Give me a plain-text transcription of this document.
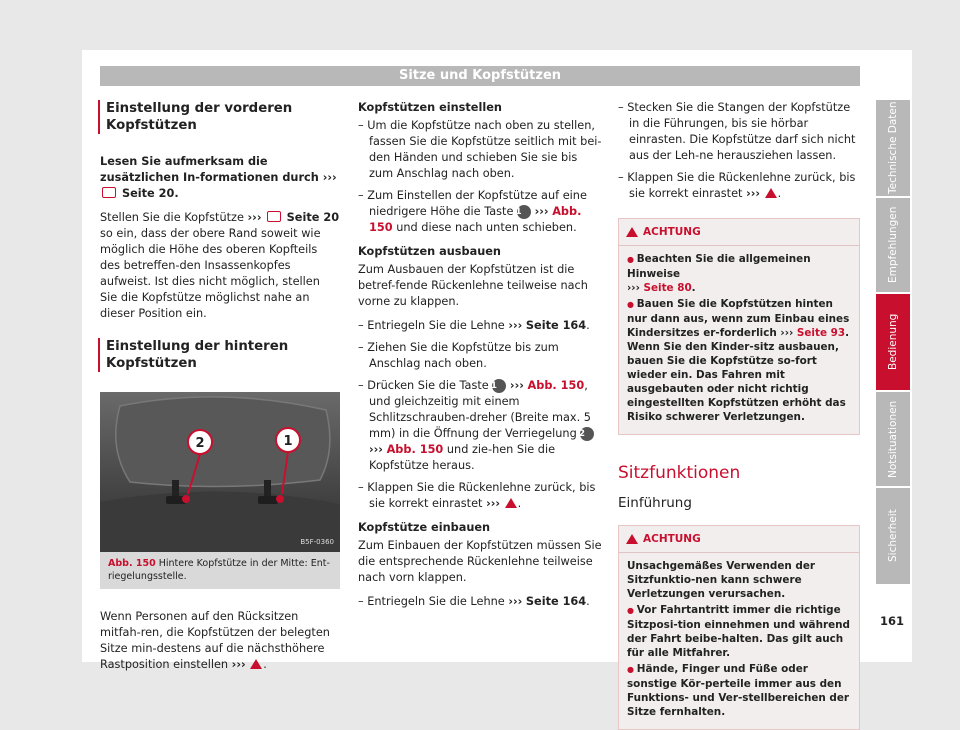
Sitze und Kopfstützen
Einstellung der vorderen Kopfstützen

Lesen Sie aufmerksam die zusätzlichen In-formationen durch ›››  Seite 20.

Stellen Sie die Kopfstütze ››› Seite 20 so ein, dass der obere Rand soweit wie möglich die Höhe des oberen Kopfteils des betreffen-den Insassenkopfes aufweist. Ist dies nicht möglich, stellen Sie die Kopfstütze möglichst nahe an dieser Position ein.

Einstellung der hinteren Kopfstützen
2	1
B5F-0360
Abb. 150 Hintere Kopfstütze in der Mitte: Ent-riegelungsstelle.

Wenn Personen auf den Rücksitzen mitfah-ren, die Kopfstützen der belegten Sitze min-destens auf die nächsthöhere Rastposition einstellen ››› .

Kopfstützen einstellen
– Um die Kopfstütze nach oben zu stellen, fassen Sie die Kopfstütze seitlich mit bei-den Händen und schieben Sie sie bis zum Anschlag nach oben.
– Zum Einstellen der Kopfstütze auf eine niedrigere Höhe die Taste 1 ››› Abb. 150 und diese nach unten schieben.
Kopfstützen ausbauen

Zum Ausbauen der Kopfstützen ist die betref-fende Rückenlehne teilweise nach vorne zu klappen.

– Entriegeln Sie die Lehne ››› Seite 164.
– Ziehen Sie die Kopfstütze bis zum Anschlag nach oben.
– Drücken Sie die Taste 1 ››› Abb. 150, und gleichzeitig mit einem Schlitzschrauben-dreher (Breite max. 5 mm) in die Öffnung der Verriegelung 2 ››› Abb. 150 und zie-hen Sie die Kopfstütze heraus.
– Klappen Sie die Rückenlehne zurück, bis sie korrekt einrastet ››› .
Kopfstütze einbauen

Zum Einbauen der Kopfstützen müssen Sie die entsprechende Rückenlehne teilweise nach vorn klappen.

– Entriegeln Sie die Lehne ››› Seite 164.
– Stecken Sie die Stangen der Kopfstütze in die Führungen, bis sie hörbar einrasten. Die Kopfstütze darf sich nicht aus der Leh-ne herausziehen lassen.
– Klappen Sie die Rückenlehne zurück, bis sie korrekt einrastet ››› .
ACHTUNG
● Beachten Sie die allgemeinen Hinweise
››› Seite 80.
● Bauen Sie die Kopfstützen hinten nur dann aus, wenn zum Einbau eines Kindersitzes er-forderlich ››› Seite 93. Wenn Sie den Kinder-sitz ausbauen, bauen Sie die Kopfstütze so-fort wieder ein. Das Fahren mit ausgebauten oder nicht richtig eingestellten Kopfstützen erhöht das Risiko schwerer Verletzungen.
Sitzfunktionen
Einführung
ACHTUNG
Unsachgemäßes Verwenden der Sitzfunktio-nen kann schwere Verletzungen verursachen.
● Vor Fahrtantritt immer die richtige Sitzposi-tion einnehmen und während der Fahrt beibe-halten. Das gilt auch für alle Mitfahrer.
● Hände, Finger und Füße oder sonstige Kör-perteile immer aus den Funktions- und Ver-stellbereichen der Sitze fernhalten.
Technische Daten
Empfehlungen
Bedienung
Notsituationen
Sicherheit
161
